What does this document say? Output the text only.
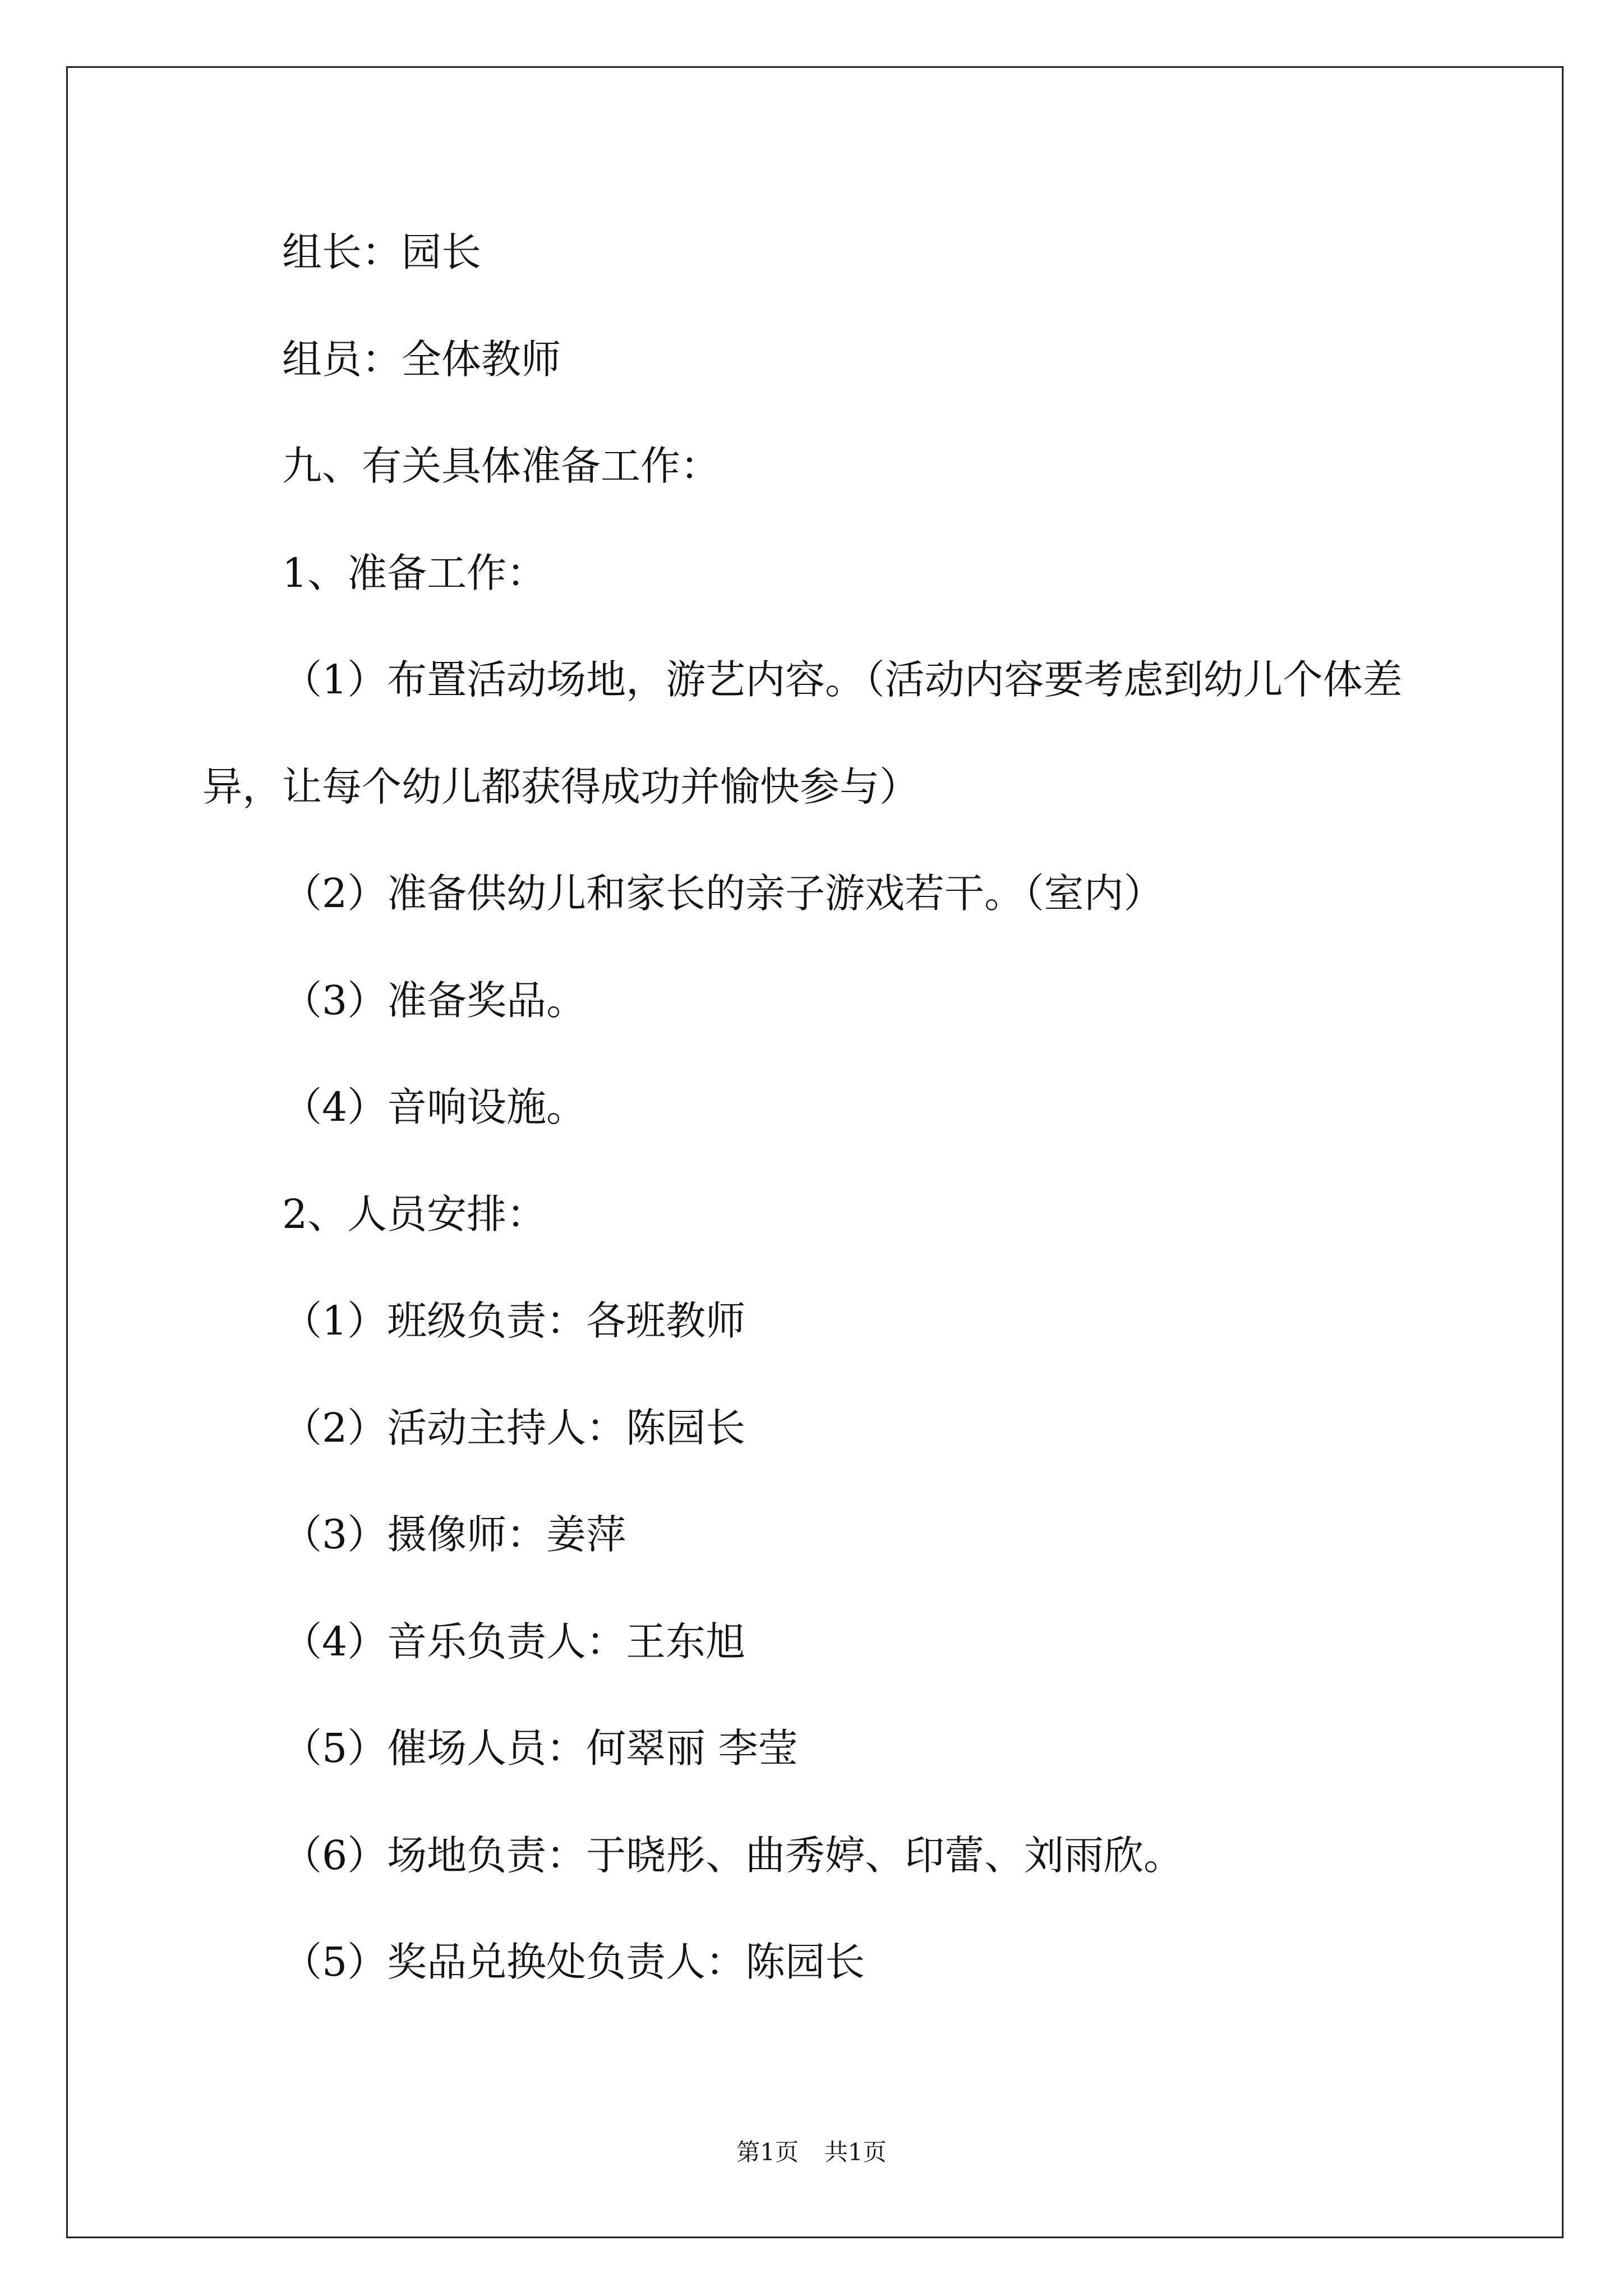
组长：园长
组员：全体教师
九、有关具体准备工作：
1、准备工作：
（1）布置活动场地，游艺内容。（活动内容要考虑到幼儿个体差
异，让每个幼儿都获得成功并愉快参与）
（2）准备供幼儿和家长的亲子游戏若干。（室内）
（3）准备奖品。
（4）音响设施。
2、人员安排：
（1）班级负责：各班教师
（2）活动主持人：陈园长
（3）摄像师：姜萍
（4）音乐负责人：王东旭
（5）催场人员：何翠丽 李莹
（6）场地负责：于晓彤、曲秀婷、印蕾、刘雨欣。
（5）奖品兑换处负责人：陈园长
第1页 共1页
